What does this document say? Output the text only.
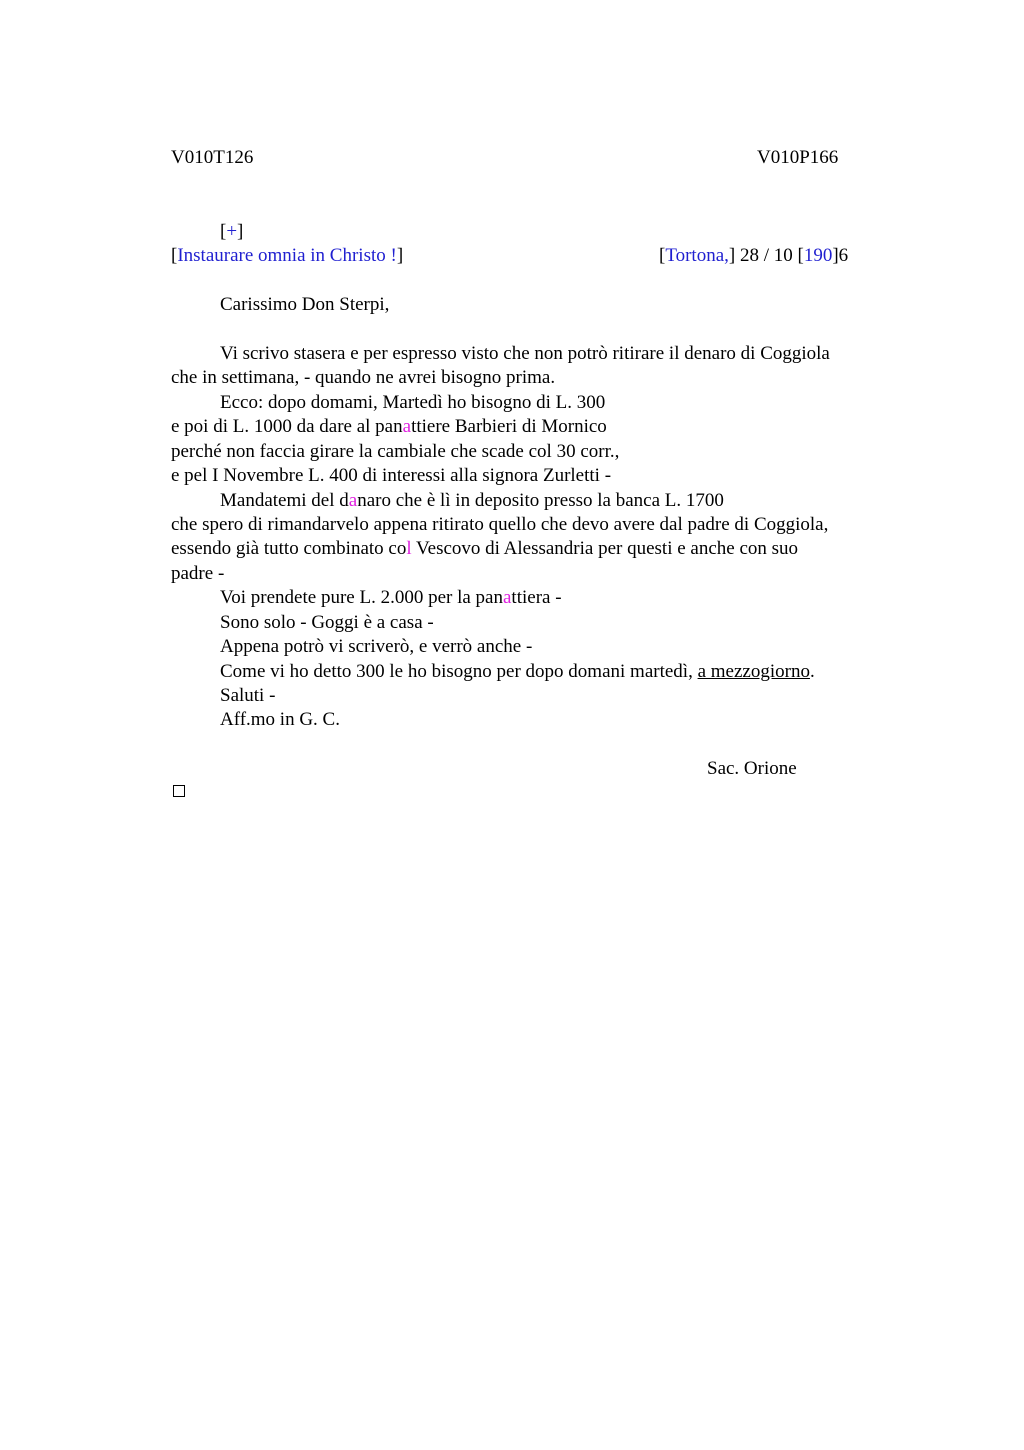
V010T126	V010P166
[+]
[Instaurare omnia in Christo !]	[Tortona,] 28 / 10 [190]6
Carissimo Don Sterpi,
Vi scrivo stasera e per espresso visto che non potrò ritirare il denaro di Coggiola
che in settimana, - quando ne avrei bisogno prima.
Ecco: dopo domami, Martedì ho bisogno di L. 300
e poi di L. 1000 da dare al panattiere Barbieri di Mornico
perché non faccia girare la cambiale che scade col 30 corr.,
e pel I Novembre L. 400 di interessi alla signora Zurletti -
Mandatemi del danaro che è lì in deposito presso la banca L. 1700
che spero di rimandarvelo appena ritirato quello che devo avere dal padre di Coggiola,
essendo già tutto combinato col Vescovo di Alessandria per questi e anche con suo
padre -
Voi prendete pure L. 2.000 per la panattiera -
Sono solo - Goggi è a casa -
Appena potrò vi scriverò, e verrò anche -
Come vi ho detto 300 le ho bisogno per dopo domani martedì, a mezzogiorno.
Saluti -
Aff.mo in G. C.
Sac. Orione
